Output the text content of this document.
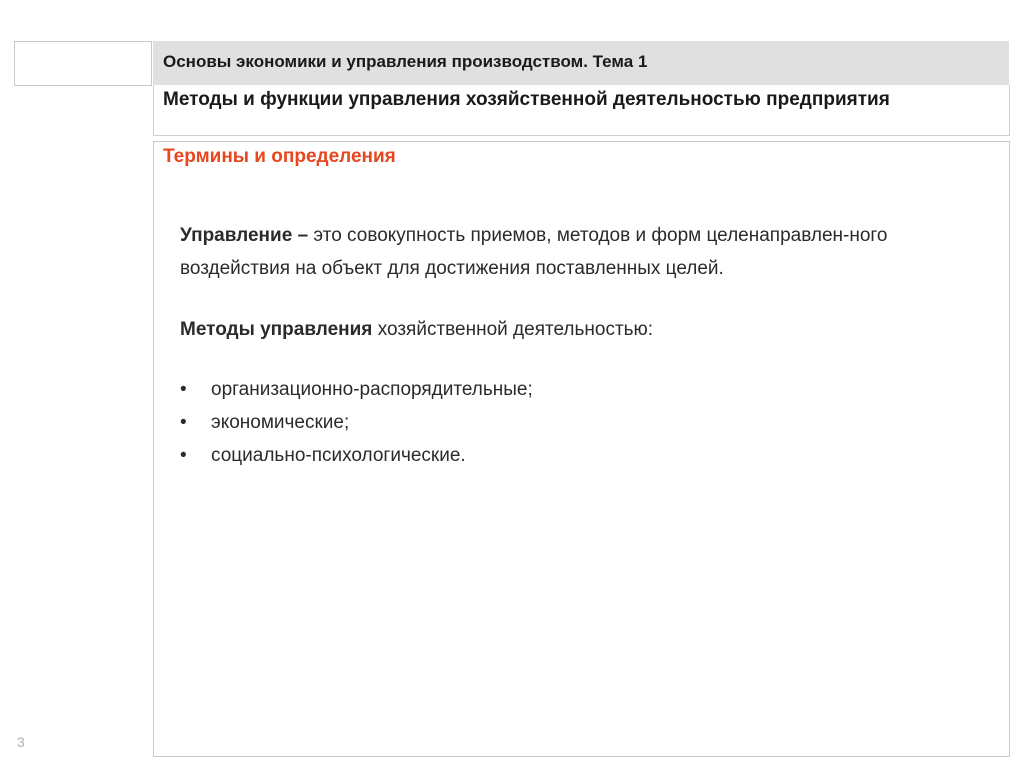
Основы экономики и управления производством. Тема 1
Методы и функции управления хозяйственной деятельностью предприятия
Термины и определения
Управление – это совокупность приемов, методов и форм целенаправлен-ного воздействия на объект для достижения поставленных целей.
Методы управления хозяйственной деятельностью:
• организационно-распорядительные;
• экономические;
• социально-психологические.
3
